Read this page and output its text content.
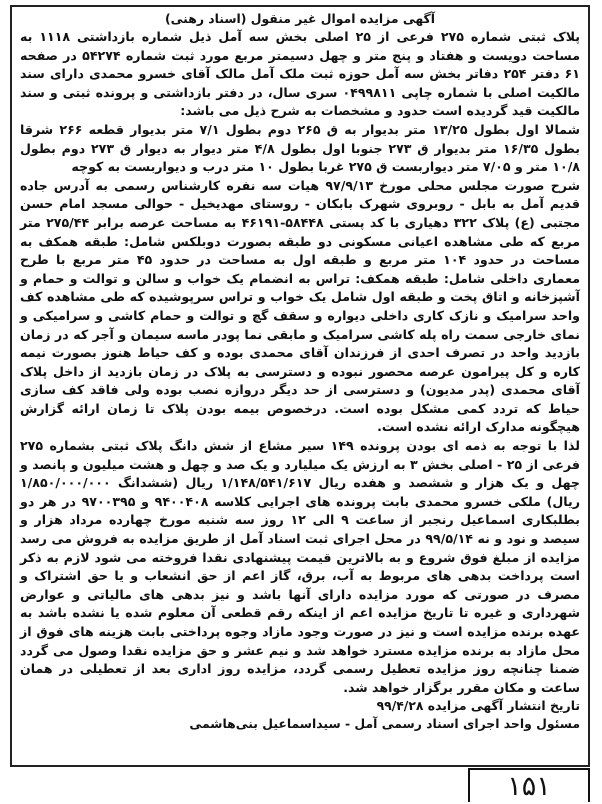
آگهی مزایده اموال غیر منقول (اسناد رهنی)

پلاک ثبتی شماره ۲۷۵ فرعی از ۲۵ اصلی بخش سه آمل ذیل شماره بازداشتی ۱۱۱۸ به مساحت دویست و هفتاد و پنج متر و چهل دسیمتر مربع مورد ثبت شماره ۵۴۲۷۴ در صفحه ۶۱ دفتر ۲۵۴ دفاتر بخش سه آمل حوزه ثبت ملک آمل مالک آقای خسرو محمدی دارای سند مالکیت اصلی با شماره چاپی ۰۴۹۹۸۱۱ سری سال، در دفتر بازداشتی و پرونده ثبتی و سند مالکیت قید گردیده است حدود و مشخصات به شرح ذیل می باشد:

شمالا اول بطول ۱۳/۲۵ متر بدیوار به ق ۲۶۵ دوم بطول ۷/۱ متر بدیوار قطعه ۲۶۶ شرقا بطول ۱۶/۳۵ متر بدیوار ق ۲۷۳ جنوبا اول بطول ۴/۸ متر دیوار به دیوار ق ۲۷۳ دوم بطول ۱۰/۸ متر و ۷/۰۵ متر دیواربست ق ۲۷۵ غربا بطول ۱۰ متر درب و دیواربست به کوچه

شرح صورت مجلس محلی مورخ ۹۷/۹/۱۳ هیات سه نفره کارشناس رسمی به آدرس جاده قدیم آمل به بابل - روبروی شهرک بابکان - روستای مهدیخیل - حوالی مسجد امام حسن مجتبی (ع) پلاک ۳۲۲ دهیاری با کد پستی ۵۸۴۴۸-۴۶۱۹۱ به مساحت عرصه برابر ۲۷۵/۴۴ متر مربع که طی مشاهده اعیانی مسکونی دو طبقه بصورت دوبلکس شامل: طبقه همکف به مساحت در حدود ۱۰۴ متر مربع و طبقه اول به مساحت در حدود ۴۵ متر مربع با طرح معماری داخلی شامل: طبقه همکف: تراس به انضمام یک خواب و سالن و توالت و حمام و آشپزخانه و اتاق پخت و طبقه اول شامل یک خواب و تراس سرپوشیده که طی مشاهده کف واحد سرامیک و نازک کاری داخلی دیواره و سقف گچ و توالت و حمام کاشی و سرامیکی و نمای خارجی سمت راه پله کاشی سرامیک و مابقی نما پودر ماسه سیمان و آجر که در زمان بازدید واحد در تصرف احدی از فرزندان آقای محمدی بوده و کف حیاط هنوز بصورت نیمه کاره و کل پیرامون عرصه محصور نبوده و دسترسی به پلاک در زمان بازدید از داخل پلاک آقای محمدی (پدر مدیون) و دسترسی از حد دیگر دروازه نصب بوده ولی فاقد کف سازی حیاط که تردد کمی مشکل بوده است. درخصوص بیمه بودن پلاک تا زمان ارائه گزارش هیچگونه مدارک ارائه نشده است.

لذا با توجه به ذمه ای بودن پرونده ۱۴۹ سیر مشاع از شش دانگ پلاک ثبتی بشماره ۲۷۵ فرعی از ۲۵ - اصلی بخش ۳ به ارزش یک میلیارد و یک صد و چهل و هشت میلیون و پانصد و چهل و یک هزار و ششصد و هفده ریال ۱/۱۴۸/۵۴۱/۶۱۷ ریال (ششدانگ ۱/۸۵۰/۰۰۰/۰۰۰ ریال) ملکی خسرو محمدی بابت پرونده های اجرایی کلاسه ۹۴۰۰۴۰۸ و ۹۷۰۰۳۹۵ در هر دو بطلبکاری اسماعیل رنجبر از ساعت ۹ الی ۱۲ روز سه شنبه مورخ چهارده مرداد هزار و سیصد و نود و نه ۹۹/۵/۱۴ در محل اجرای ثبت اسناد آمل از طریق مزایده به فروش می رسد مزایده از مبلغ فوق شروع و به بالاترین قیمت پیشنهادی نقدا فروخته می شود لازم به ذکر است پرداخت بدهی های مربوط به آب، برق، گاز اعم از حق انشعاب و یا حق اشتراک و مصرف در صورتی که مورد مزایده دارای آنها باشد و نیز بدهی های مالیاتی و عوارض شهرداری و غیره تا تاریخ مزایده اعم از اینکه رقم قطعی آن معلوم شده یا نشده باشد به عهده برنده مزایده است و نیز در صورت وجود مازاد وجوه پرداختی بابت هزینه های فوق از محل مازاد به برنده مزایده مسترد خواهد شد و نیم عشر و حق مزایده نقدا وصول می گردد ضمنا چنانچه روز مزایده تعطیل رسمی گردد، مزایده روز اداری بعد از تعطیلی در همان ساعت و مکان مقرر برگزار خواهد شد.

تاریخ انتشار آگهی مزایده ۹۹/۴/۲۸
مسئول واحد اجرای اسناد رسمی آمل - سیداسماعیل بنی‌هاشمی
۱۵۱
